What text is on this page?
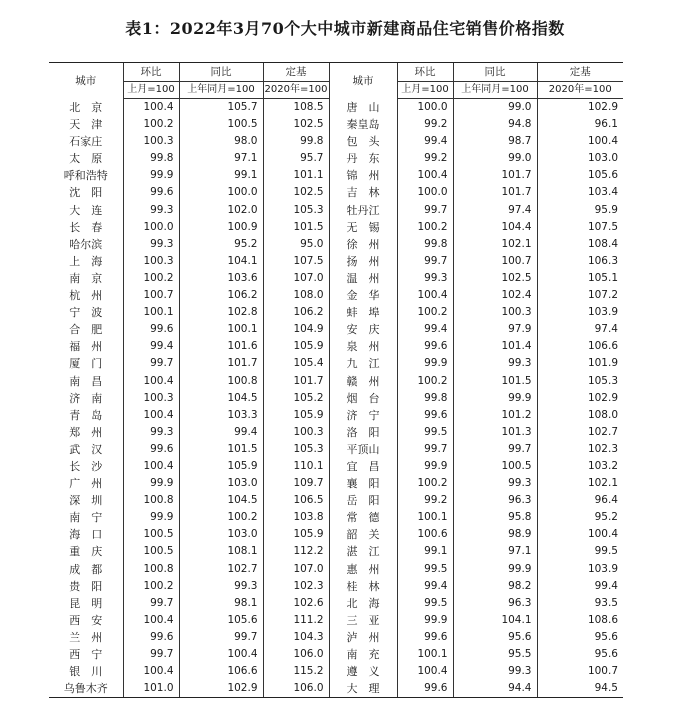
表1：2022年3月70个大中城市新建商品住宅销售价格指数
城市	环比	同比	定基	城市	环比	同比	定基
	上月=100	上年同月=100	2020年=100		上月=100	上年同月=100	2020年=100
北　京	100.4	105.7	108.5	唐　山	100.0	99.0	102.9
天　津	100.2	100.5	102.5	秦皇岛	99.2	94.8	96.1
石家庄	100.3	98.0	99.8	包　头	99.4	98.7	100.4
太　原	99.8	97.1	95.7	丹　东	99.2	99.0	103.0
呼和浩特	99.9	99.1	101.1	锦　州	100.4	101.7	105.6
沈　阳	99.6	100.0	102.5	吉　林	100.0	101.7	103.4
大　连	99.3	102.0	105.3	牡丹江	99.7	97.4	95.9
长　春	100.0	100.9	101.5	无　锡	100.2	104.4	107.5
哈尔滨	99.3	95.2	95.0	徐　州	99.8	102.1	108.4
上　海	100.3	104.1	107.5	扬　州	99.7	100.7	106.3
南　京	100.2	103.6	107.0	温　州	99.3	102.5	105.1
杭　州	100.7	106.2	108.0	金　华	100.4	102.4	107.2
宁　波	100.1	102.8	106.2	蚌　埠	100.2	100.3	103.9
合　肥	99.6	100.1	104.9	安　庆	99.4	97.9	97.4
福　州	99.4	101.6	105.9	泉　州	99.6	101.4	106.6
厦　门	99.7	101.7	105.4	九　江	99.9	99.3	101.9
南　昌	100.4	100.8	101.7	赣　州	100.2	101.5	105.3
济　南	100.3	104.5	105.2	烟　台	99.8	99.9	102.9
青　岛	100.4	103.3	105.9	济　宁	99.6	101.2	108.0
郑　州	99.3	99.4	100.3	洛　阳	99.5	101.3	102.7
武　汉	99.6	101.5	105.3	平顶山	99.7	99.7	102.3
长　沙	100.4	105.9	110.1	宜　昌	99.9	100.5	103.2
广　州	99.9	103.0	109.7	襄　阳	100.2	99.3	102.1
深　圳	100.8	104.5	106.5	岳　阳	99.2	96.3	96.4
南　宁	99.9	100.2	103.8	常　德	100.1	95.8	95.2
海　口	100.5	103.0	105.9	韶　关	100.6	98.9	100.4
重　庆	100.5	108.1	112.2	湛　江	99.1	97.1	99.5
成　都	100.8	102.7	107.0	惠　州	99.5	99.9	103.9
贵　阳	100.2	99.3	102.3	桂　林	99.4	98.2	99.4
昆　明	99.7	98.1	102.6	北　海	99.5	96.3	93.5
西　安	100.4	105.6	111.2	三　亚	99.9	104.1	108.6
兰　州	99.6	99.7	104.3	泸　州	99.6	95.6	95.6
西　宁	99.7	100.4	106.0	南　充	100.1	95.5	95.6
银　川	100.4	106.6	115.2	遵　义	100.4	99.3	100.7
乌鲁木齐	101.0	102.9	106.0	大　理	99.6	94.4	94.5
